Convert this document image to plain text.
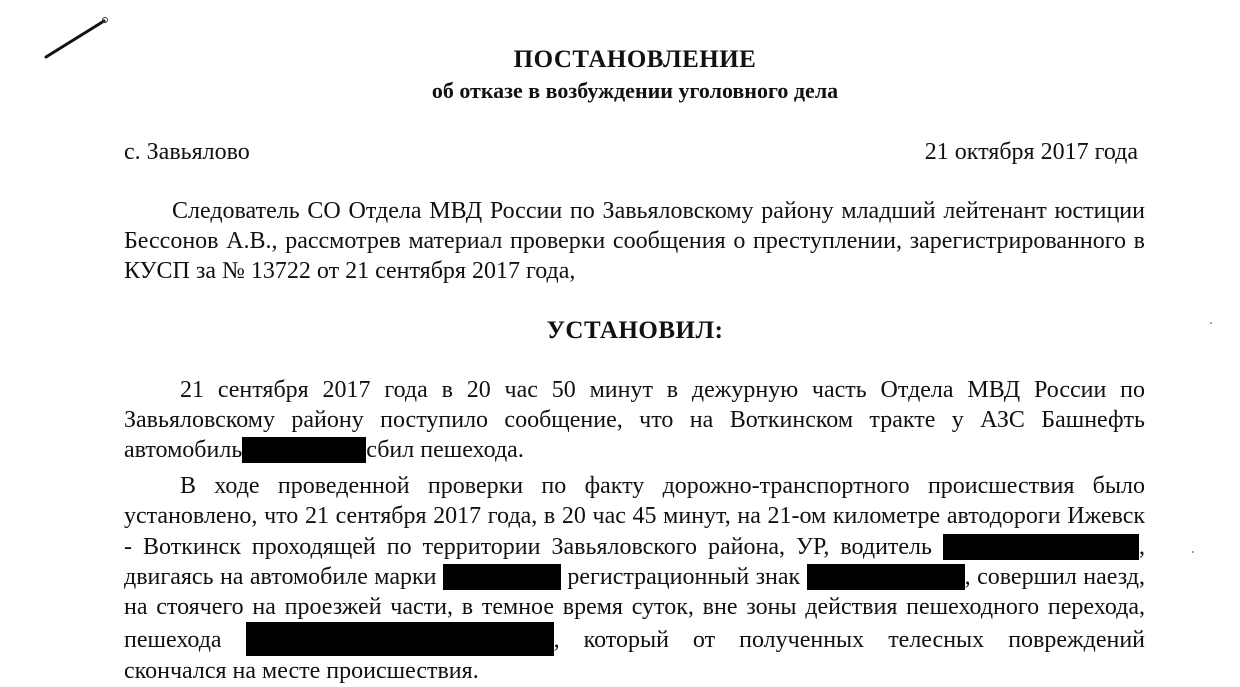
ПОСТАНОВЛЕНИЕ
об отказе в возбуждении уголовного дела
с. Завьялово	21 октября 2017 года
Следователь СО Отдела МВД России по Завьяловскому району младший лейтенант юстиции Бессонов А.В., рассмотрев материал проверки сообщения о преступлении, зарегистрированного в КУСП за № 13722 от 21 сентября 2017 года,
УСТАНОВИЛ:
21 сентября 2017 года в 20 час 50 минут в дежурную часть Отдела МВД России по Завьяловскому району поступило сообщение, что на Воткинском тракте у АЗС Башнефть автомобиль	сбил пешехода.
В ходе проведенной проверки по факту дорожно-транспортного происшествия было установлено, что 21 сентября 2017 года, в 20 час 45 минут, на 21-ом километре автодороги Ижевск - Воткинск проходящей по территории Завьяловского района, УР, водитель	, двигаясь на автомобиле марки	регистрационный знак	, совершил наезд, на стоячего на проезжей части, в темное время суток, вне зоны действия пешеходного перехода, пешехода	, который от полученных телесных повреждений скончался на месте происшествия.
